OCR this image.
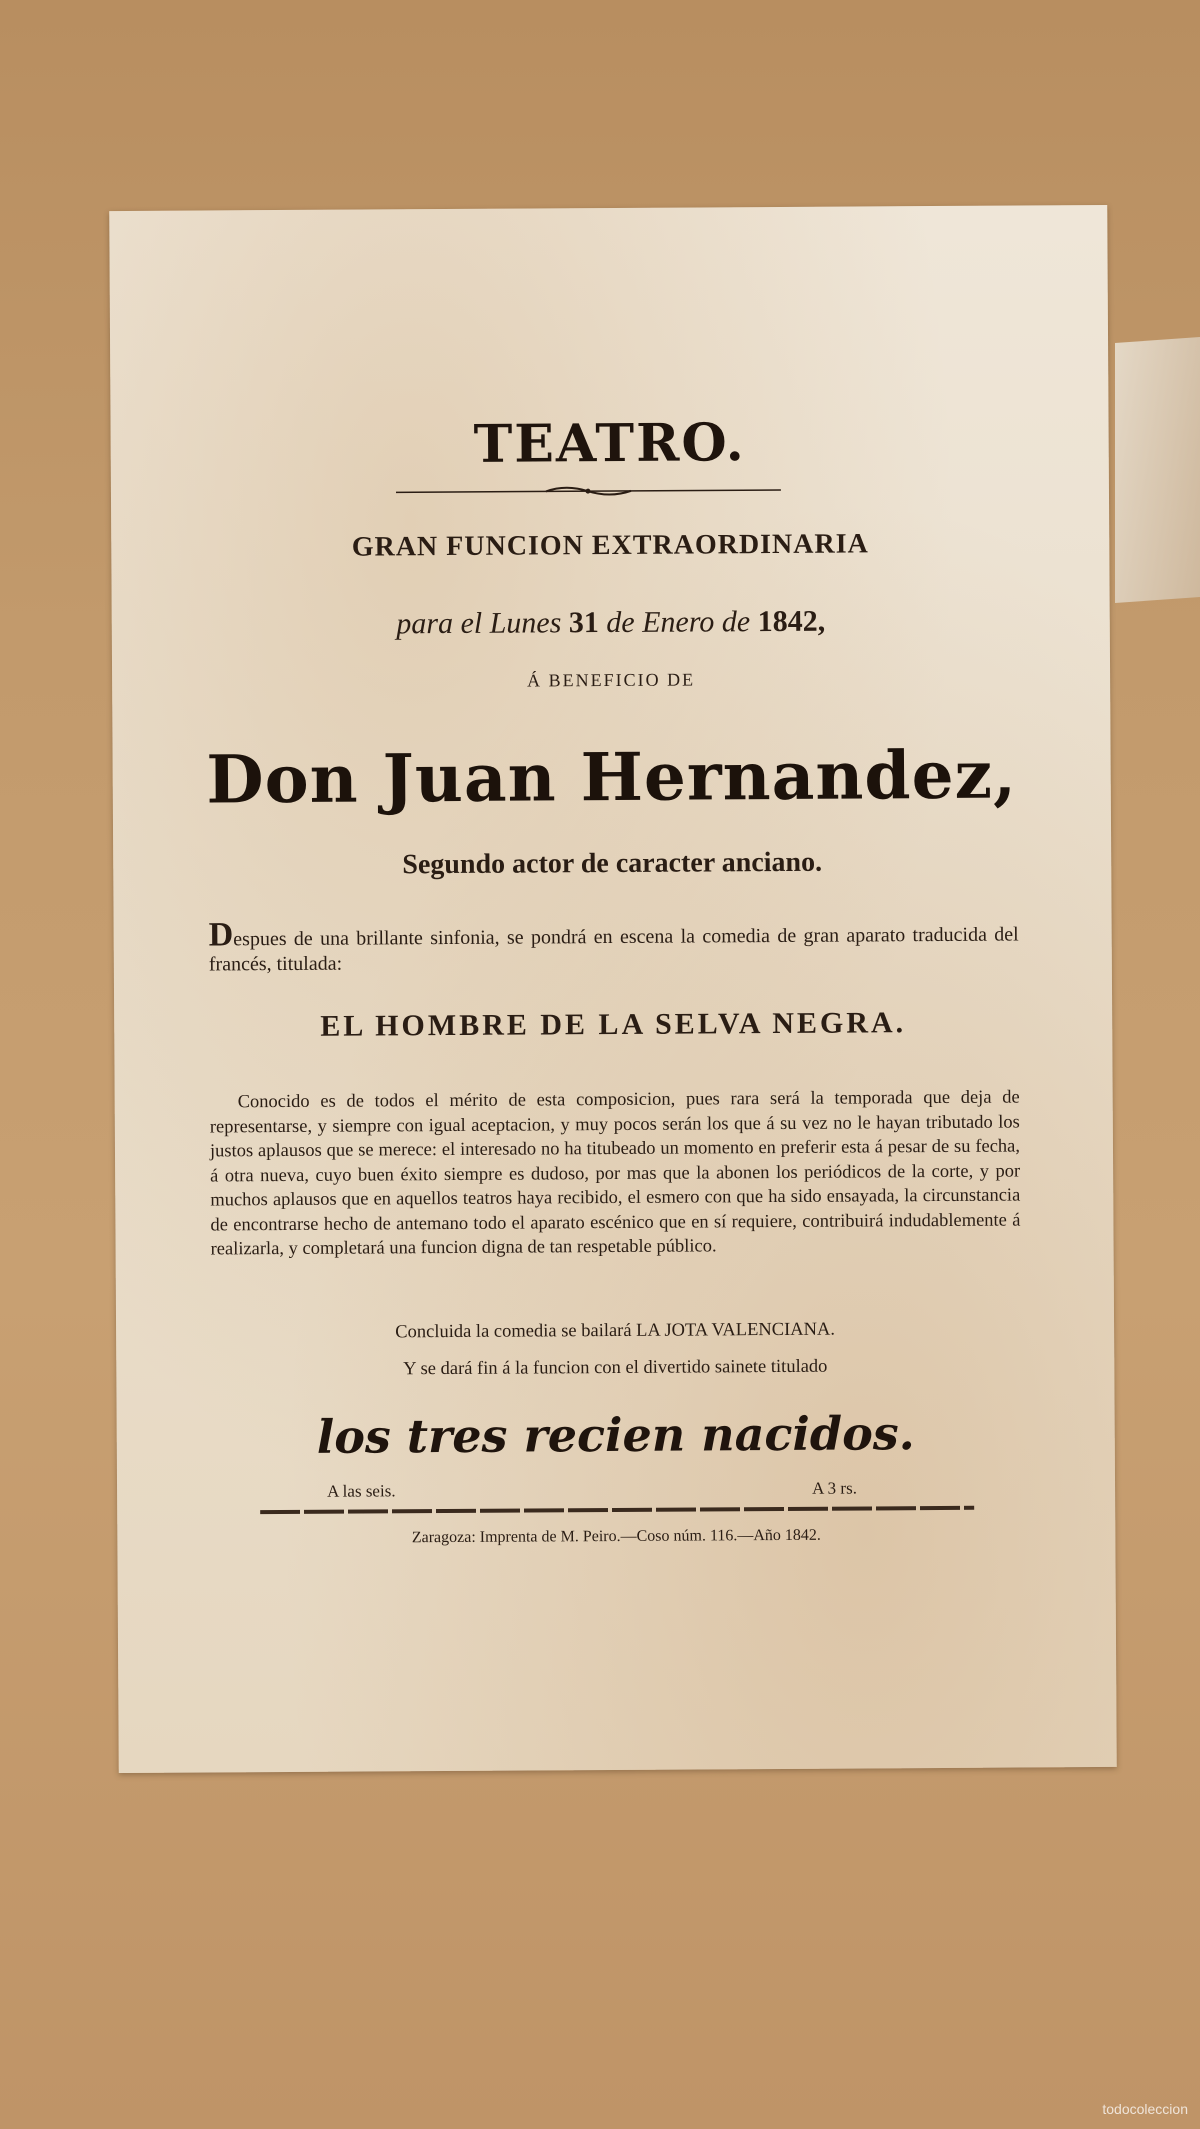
TEATRO.
GRAN FUNCION EXTRAORDINARIA
para el Lunes 31 de Enero de 1842,
Á BENEFICIO DE
Don Juan Hernandez,
Segundo actor de caracter anciano.
Despues de una brillante sinfonia, se pondrá en escena la comedia de gran aparato traducida del francés, titulada:
EL HOMBRE DE LA SELVA NEGRA.
Conocido es de todos el mérito de esta composicion, pues rara será la temporada que deja de representarse, y siempre con igual aceptacion, y muy pocos serán los que á su vez no le hayan tributado los justos aplausos que se merece: el interesado no ha titubeado un momento en preferir esta á pesar de su fecha, á otra nueva, cuyo buen éxito siempre es dudoso, por mas que la abonen los periódicos de la corte, y por muchos aplausos que en aquellos teatros haya recibido, el esmero con que ha sido ensayada, la circunstancia de encontrarse hecho de antemano todo el aparato escénico que en sí requiere, contribuirá indudablemente á realizarla, y completará una funcion digna de tan respetable público.
Concluida la comedia se bailará LA JOTA VALENCIANA.
Y se dará fin á la funcion con el divertido sainete titulado
los tres recien nacidos.
A las seis.	A 3 rs.
Zaragoza: Imprenta de M. Peiro.—Coso núm. 116.—Año 1842.
todocoleccion
